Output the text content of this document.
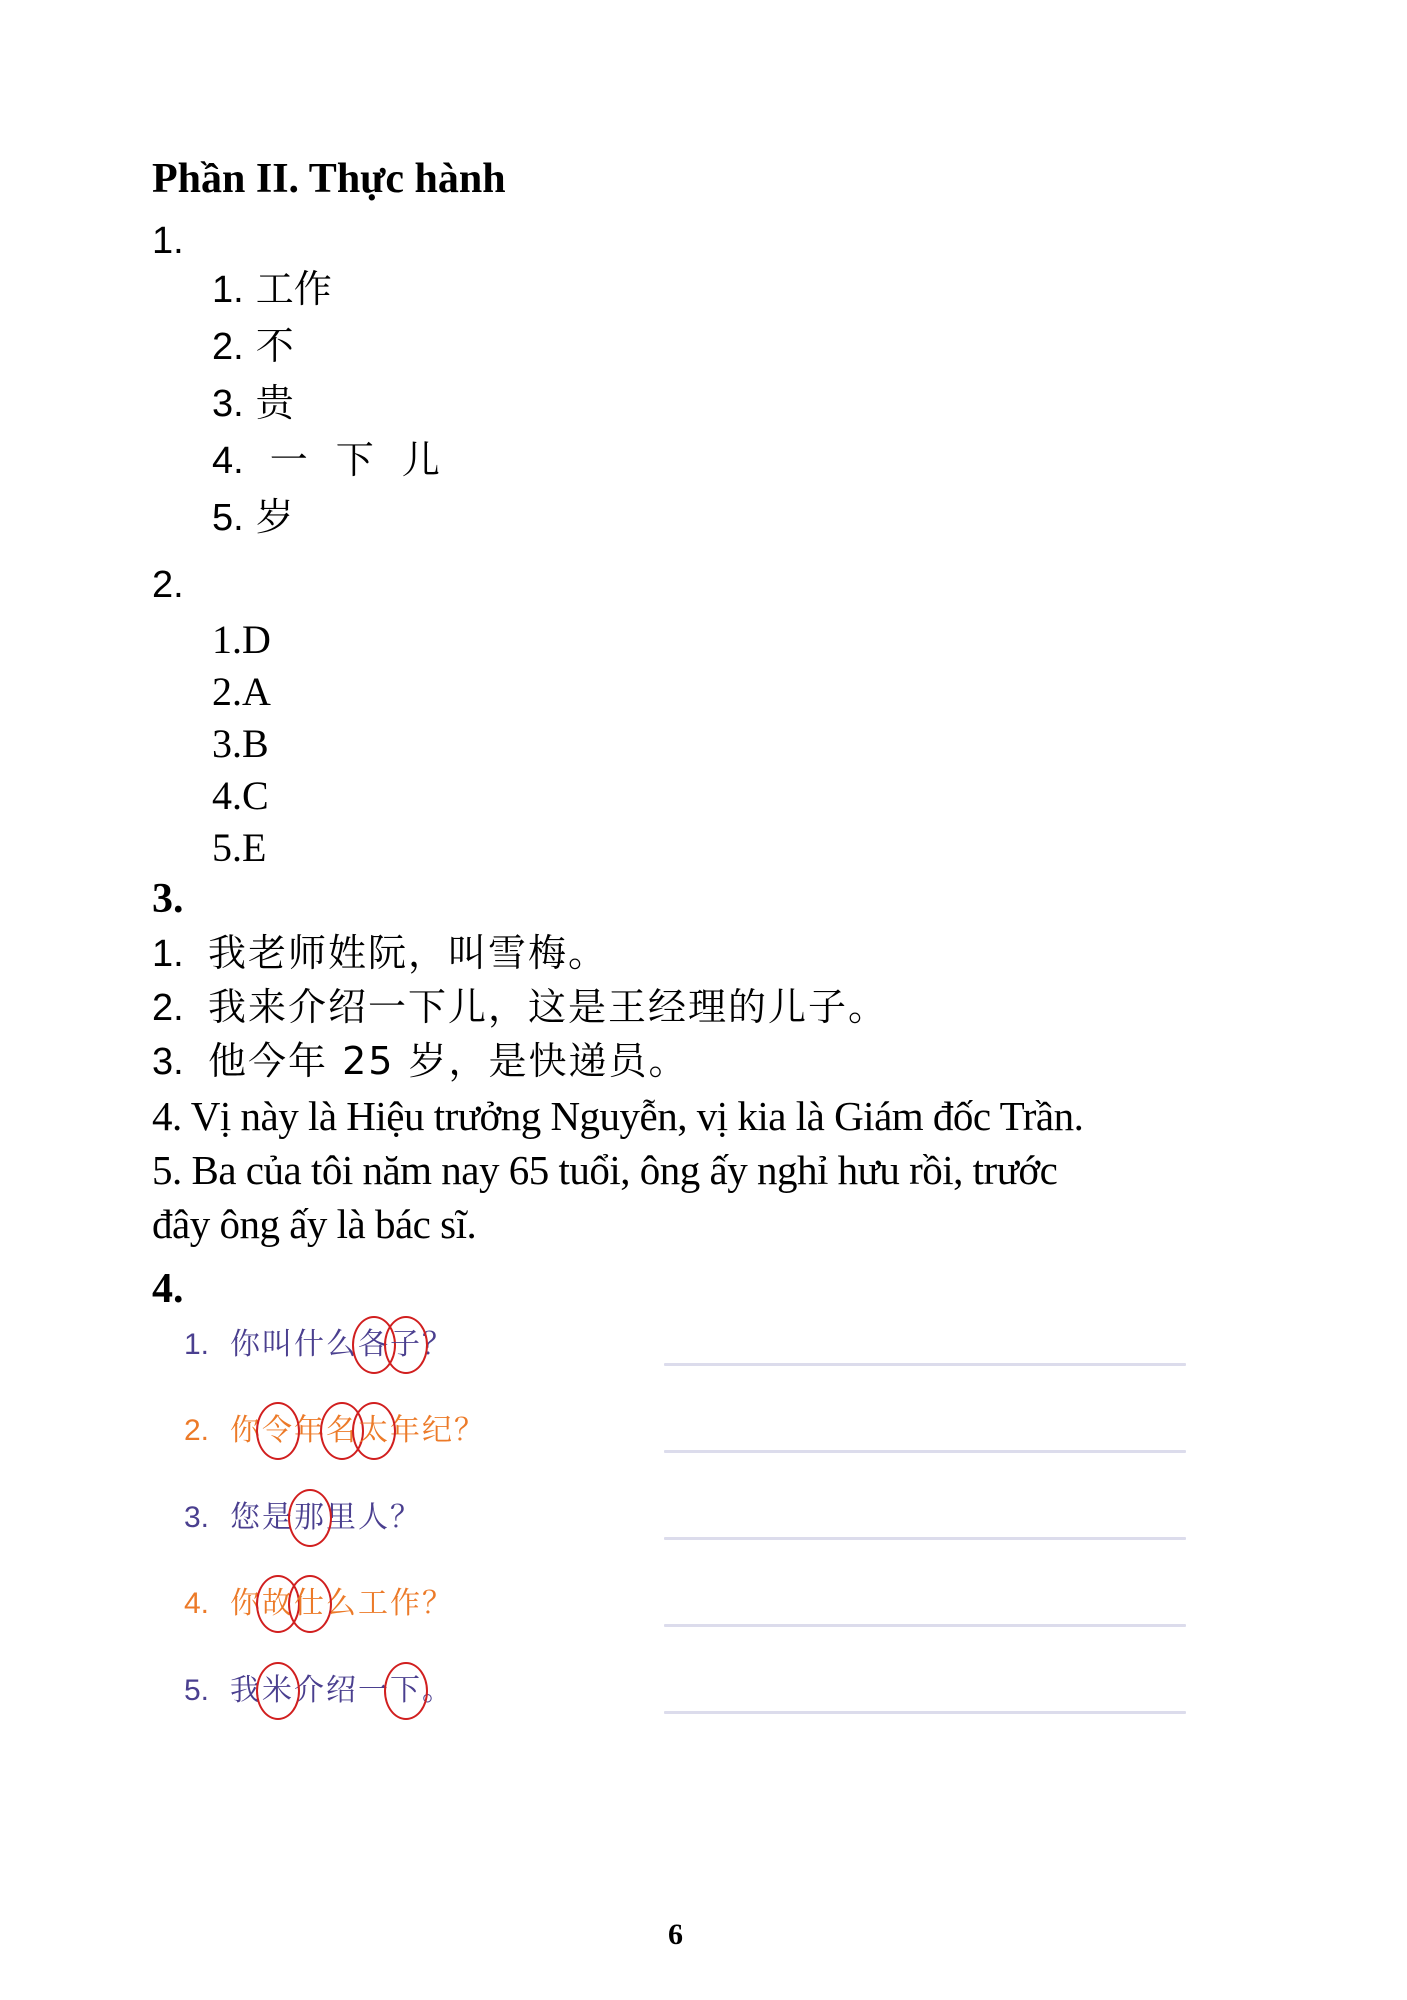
Phần II. Thực hành
1.
1. 工作
2. 不
3. 贵
4. 一 下 儿
5. 岁
2.
1.D
2.A
3.B
4.C
5.E
3.
1. 我老师姓阮，叫雪梅。
2. 我来介绍一下儿，这是王经理的儿子。
3. 他今年 25 岁，是快递员。
4. Vị này là Hiệu trưởng Nguyễn, vị kia là Giám đốc Trần.
5. Ba của tôi năm nay 65 tuổi, ông ấy nghỉ hưu rồi, trước
đây ông ấy là bác sĩ.
4.
1. 你叫什么各子？
2. 你令年名太年纪？
3. 您是那里人？
4. 你故仕么工作？
5. 我米介绍一下。
6
